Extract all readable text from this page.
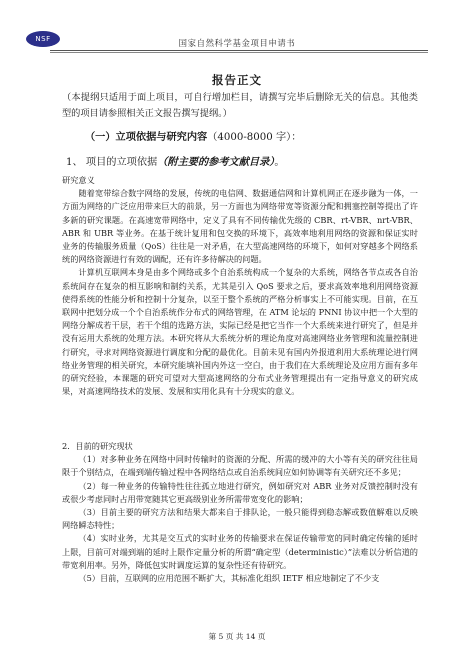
NSF	国家自然科学基金项目申请书
报告正文
（本提纲只适用于面上项目，可自行增加栏目，请撰写完毕后删除无关的信息。其他类型的项目请参照相关正文报告撰写提纲。）
（一）立项依据与研究内容（4000-8000 字）：
1、 项目的立项依据（附主要的参考文献目录）。

研究意义

随着宽带综合数字网络的发展，传统的电信网、数据通信网和计算机网正在逐步融为一体，一方面为网络的广泛应用带来巨大的前景，另一方面也为网络带宽等资源分配和拥塞控制等提出了许多新的研究课题。在高速宽带网络中，定义了具有不同传输优先级的 CBR、rt-VBR、nrt-VBR、ABR 和 UBR 等业务。在基于统计复用和包交换的环境下，高效率地利用网络的资源和保证实时业务的传输服务质量（QoS）往往是一对矛盾，在大型高速网络的环境下，如何对穿越多个网络系统的网络资源进行有效的调配，还有许多待解决的问题。

计算机互联网本身是由多个网络或多个自治系统构成一个复杂的大系统，网络各节点或各自治系统间存在复杂的相互影响和制约关系，尤其是引入 QoS 要求之后，要求高效率地利用网络资源使得系统的性能分析和控制十分复杂，以至于整个系统的严格分析事实上不可能实现。目前，在互联网中把划分成一个个自治系统作分布式的网络管理，在 ATM 论坛的 PNNI 协议中把一个大型的网络分解成若干层，若干个组的选路方法，实际已经是把它当作一个大系统来进行研究了，但是并没有运用大系统的处理方法。本研究将从大系统分析的理论角度对高速网络业务管理和流量控制进行研究，寻求对网络资源进行调度和分配的最优化。目前未见有国内外报道利用大系统理论进行网络业务管理的相关研究，本研究能填补国内外这一空白，由于我们在大系统理论及应用方面有多年的研究经验，本课题的研究可望对大型高速网络的分布式业务管理提出有一定指导意义的研究成果，对高速网络技术的发展、发展和实用化具有十分现实的意义。

2．目前的研究现状

（1）对多种业务在网络中同时传输时的资源的分配、所需的缓冲的大小等有关的研究往往局限于个别结点，在端到端传输过程中各网络结点或自治系统间应如何协调等有关研究还不多见；

（2）每一种业务的传输特性往往孤立地进行研究，例如研究对 ABR 业务对反馈控制时没有或很少考虑同时占用带宽随其它更高级别业务所需带宽变化的影响；

（3）目前主要的研究方法和结果大都来自于排队论，一般只能得到稳态解或数值解难以反映网络瞬态特性；

（4）实时业务，尤其是交互式的实时业务的传输要求在保证传输带宽的同时确定传输的延时上限，目前可对端到端的延时上限作定量分析的所谓“确定型（deterministic）”法难以分析信道的带宽利用率。另外，降低包实时调度运算的复杂性还有待研究。

（5）目前，互联网的应用范围不断扩大，其标准化组织 IETF 相应地制定了不少支

第 5 页 共 14 页
